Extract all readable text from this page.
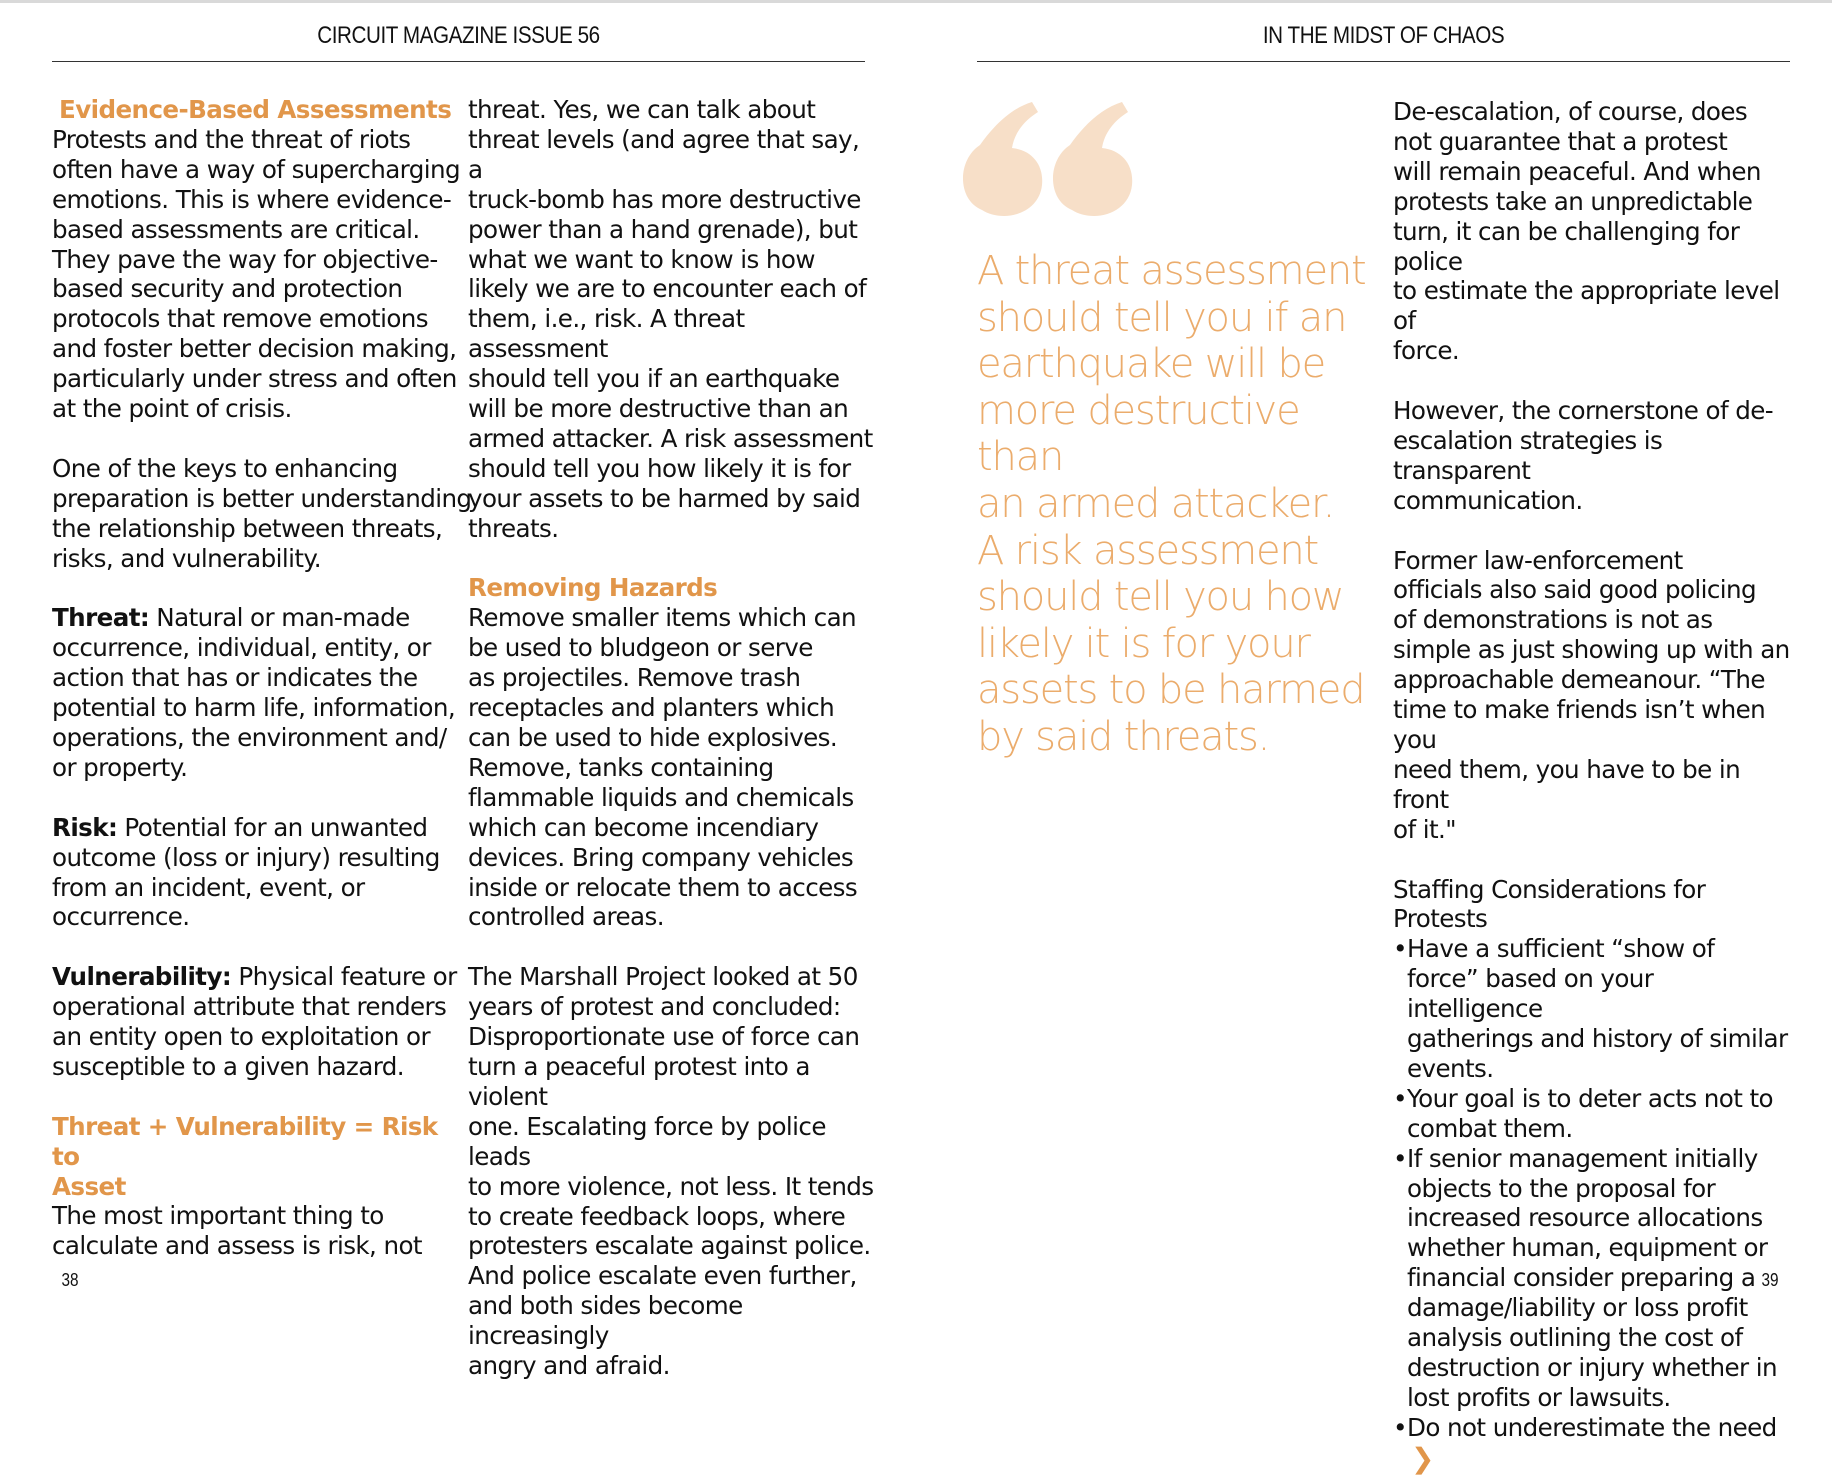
CIRCUIT MAGAZINE ISSUE 56	IN THE MIDST OF CHAOS
Evidence-Based Assessments
Protests and the threat of riots
often have a way of supercharging
emotions. This is where evidence-
based assessments are critical.
They pave the way for objective-
based security and protection
protocols that remove emotions
and foster better decision making,
particularly under stress and often
at the point of crisis.
One of the keys to enhancing
preparation is better understanding
the relationship between threats,
risks, and vulnerability.
Threat: Natural or man-made
occurrence, individual, entity, or
action that has or indicates the
potential to harm life, information,
operations, the environment and/
or property.
Risk: Potential for an unwanted
outcome (loss or injury) resulting
from an incident, event, or
occurrence.
Vulnerability: Physical feature or
operational attribute that renders
an entity open to exploitation or
susceptible to a given hazard.
Threat + Vulnerability = Risk to
Asset
The most important thing to
calculate and assess is risk, not
threat. Yes, we can talk about
threat levels (and agree that say, a
truck-bomb has more destructive
power than a hand grenade), but
what we want to know is how
likely we are to encounter each of
them, i.e., risk. A threat assessment
should tell you if an earthquake
will be more destructive than an
armed attacker. A risk assessment
should tell you how likely it is for
your assets to be harmed by said
threats.
Removing Hazards
Remove smaller items which can
be used to bludgeon or serve
as projectiles. Remove trash
receptacles and planters which
can be used to hide explosives.
Remove, tanks containing
flammable liquids and chemicals
which can become incendiary
devices. Bring company vehicles
inside or relocate them to access
controlled areas.
The Marshall Project looked at 50
years of protest and concluded:
Disproportionate use of force can
turn a peaceful protest into a violent
one. Escalating force by police leads
to more violence, not less. It tends
to create feedback loops, where
protesters escalate against police.
And police escalate even further,
and both sides become increasingly
angry and afraid.
A threat assessment
should tell you if an
earthquake will be
more destructive than
an armed attacker.
A risk assessment
should tell you how
likely it is for your
assets to be harmed
by said threats.
De-escalation, of course, does
not guarantee that a protest
will remain peaceful. And when
protests take an unpredictable
turn, it can be challenging for police
to estimate the appropriate level of
force.
However, the cornerstone of de-
escalation strategies is transparent
communication.
Former law-enforcement
officials also said good policing
of demonstrations is not as
simple as just showing up with an
approachable demeanour. “The
time to make friends isn’t when you
need them, you have to be in front
of it."
Staffing Considerations for Protests
• Have a sufficient “show of
force” based on your intelligence
gatherings and history of similar
events.
• Your goal is to deter acts not to
combat them.
• If senior management initially
objects to the proposal for
increased resource allocations
whether human, equipment or
financial consider preparing a
damage/liability or loss profit
analysis outlining the cost of
destruction or injury whether in
lost profits or lawsuits.
• Do not underestimate the need❯
38	39
